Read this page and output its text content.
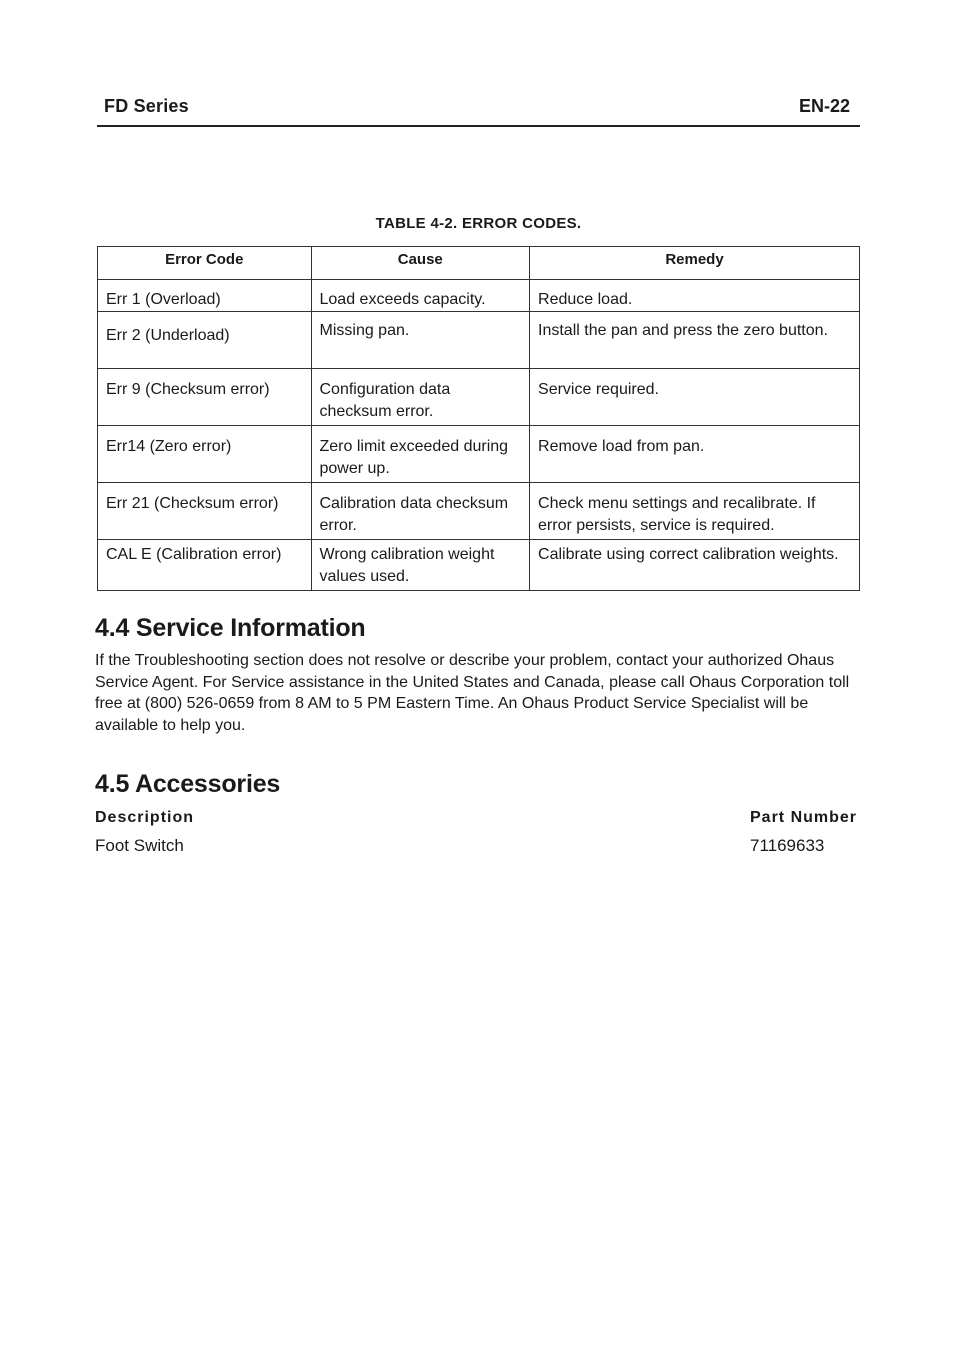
FD Series	EN-22
TABLE 4-2. ERROR CODES.
Error Code	Cause	Remedy
Err 1 (Overload)	Load exceeds capacity.	Reduce load.
Err 2 (Underload)	Missing pan.	Install the pan and press the zero button.
Err 9 (Checksum error)	Configuration data checksum error.	Service required.
Err14 (Zero error)	Zero limit exceeded during power up.	Remove load from pan.
Err 21 (Checksum error)	Calibration data checksum error.	Check menu settings and recalibrate. If error persists, service is required.
CAL E (Calibration error)	Wrong calibration weight values used.	Calibrate using correct calibration weights.
4.4 Service Information
If the Troubleshooting section does not resolve or describe your problem, contact your authorized Ohaus Service Agent. For Service assistance in the United States and Canada, please call Ohaus Corporation toll free at (800) 526-0659 from 8 AM to 5 PM Eastern Time. An Ohaus Product Service Specialist will be available to help you.
4.5 Accessories
Description	Part Number
Foot Switch	71169633
